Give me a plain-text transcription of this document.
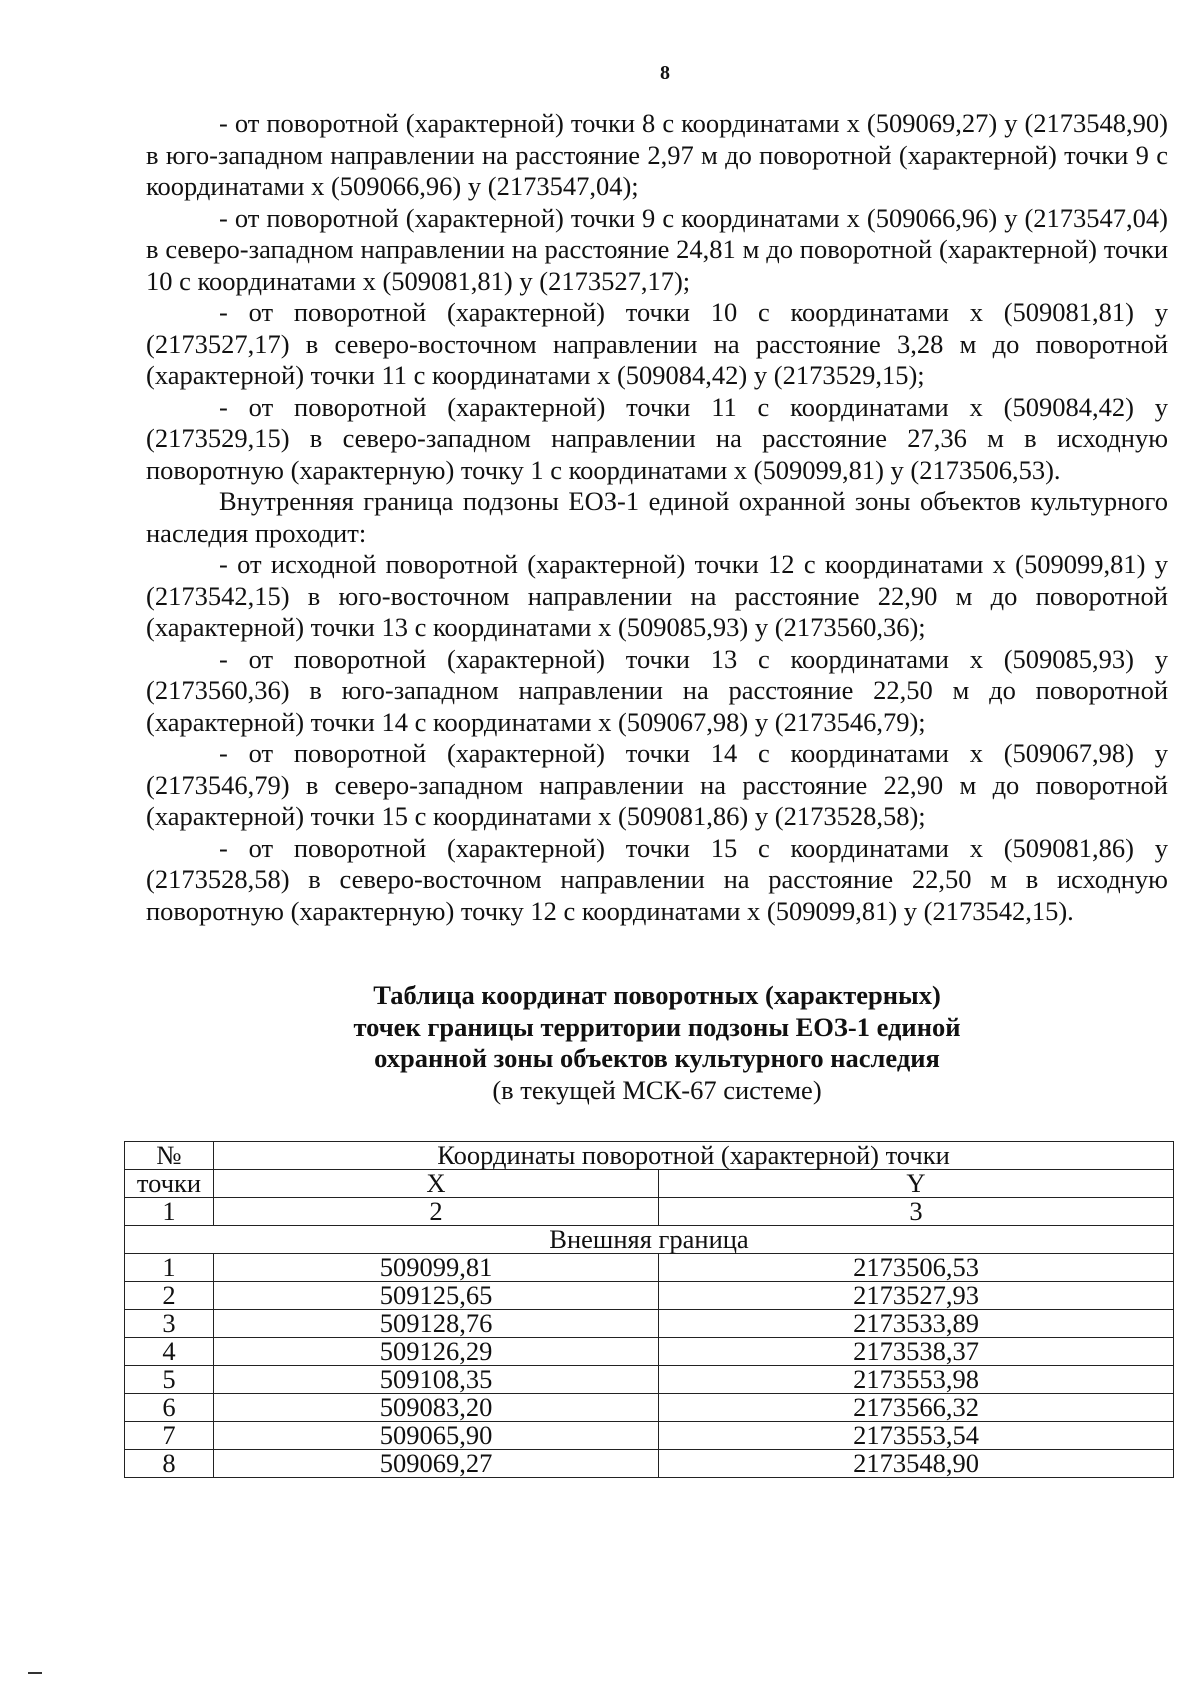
8

- от поворотной (характерной) точки 8 с координатами х (509069,27) у (2173548,90) в юго-западном направлении на расстояние 2,97 м до поворотной (характерной) точки 9 с координатами х (509066,96) у (2173547,04);

- от поворотной (характерной) точки 9 с координатами х (509066,96) у (2173547,04) в северо-западном направлении на расстояние 24,81 м до поворотной (характерной) точки 10 с координатами х (509081,81) у (2173527,17);

- от поворотной (характерной) точки 10 с координатами х (509081,81) у (2173527,17) в северо-восточном направлении на расстояние 3,28 м до поворотной (характерной) точки 11 с координатами х (509084,42) у (2173529,15);

- от поворотной (характерной) точки 11 с координатами х (509084,42) у (2173529,15) в северо-западном направлении на расстояние 27,36 м в исходную поворотную (характерную) точку 1 с координатами х (509099,81) у (2173506,53).

Внутренняя граница подзоны ЕОЗ-1 единой охранной зоны объектов культурного наследия проходит:

- от исходной поворотной (характерной) точки 12 с координатами х (509099,81) у (2173542,15) в юго-восточном направлении на расстояние 22,90 м до поворотной (характерной) точки 13 с координатами х (509085,93) у (2173560,36);

- от поворотной (характерной) точки 13 с координатами х (509085,93) у (2173560,36) в юго-западном направлении на расстояние 22,50 м до поворотной (характерной) точки 14 с координатами х (509067,98) у (2173546,79);

- от поворотной (характерной) точки 14 с координатами х (509067,98) у (2173546,79) в северо-западном направлении на расстояние 22,90 м до поворотной (характерной) точки 15 с координатами х (509081,86) у (2173528,58);

- от поворотной (характерной) точки 15 с координатами х (509081,86) у (2173528,58) в северо-восточном направлении на расстояние 22,50 м в исходную поворотную (характерную) точку 12 с координатами х (509099,81) у (2173542,15).

Таблица координат поворотных (характерных)
точек границы территории подзоны ЕОЗ-1 единой
охранной зоны объектов культурного наследия
(в текущей МСК-67 системе)
№	Координаты поворотной (характерной) точки	
точки	X	Y
1	2	3
Внешняя граница		
1	509099,81	2173506,53
2	509125,65	2173527,93
3	509128,76	2173533,89
4	509126,29	2173538,37
5	509108,35	2173553,98
6	509083,20	2173566,32
7	509065,90	2173553,54
8	509069,27	2173548,90
